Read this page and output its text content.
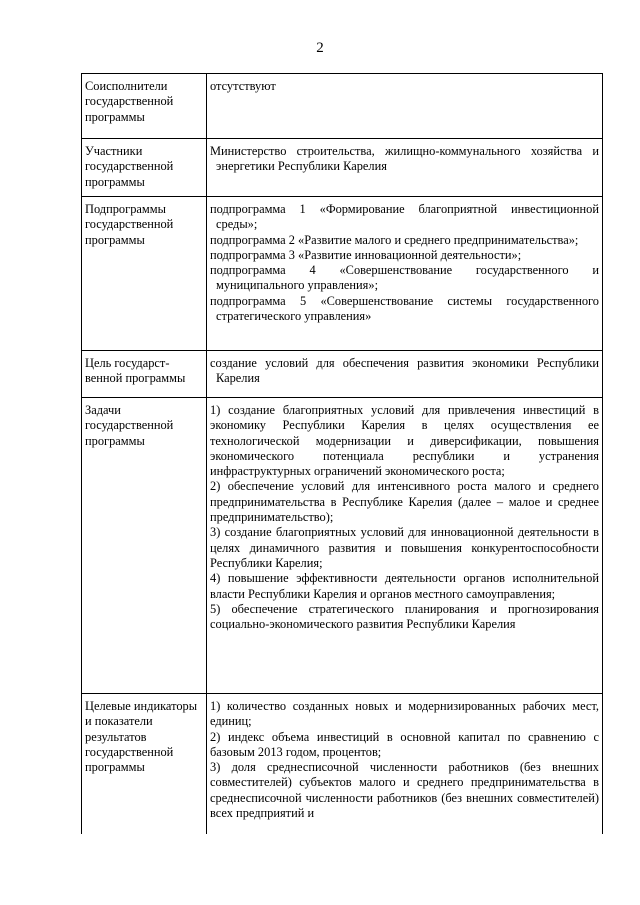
2
Соисполнители государственной программы	отсутствуют
Участники государственной программы	Министерство строительства, жилищно-коммунального хозяйства и энергетики Республики Карелия

Подпрограммы государственной программы	подпрограмма 1 «Формирование благоприятной инвестиционной среды»;
подпрограмма 2 «Развитие малого и среднего предпринимательства»;
подпрограмма 3 «Развитие инновационной деятельности»;
подпрограмма 4 «Совершенствование государственного и муниципального управления»;
подпрограмма 5 «Совершенствование системы государственного стратегического управления»

Цель государст-венной программы	создание условий для обеспечения развития экономики Республики Карелия

Задачи государственной программы	1) создание благоприятных условий для привлечения инвестиций в экономику Республики Карелия в целях осуществления ее технологической модернизации и диверсификации, повышения экономического потенциала республики и устранения инфраструктурных ограничений экономического роста;
2) обеспечение условий для интенсивного роста малого и среднего предпринимательства в Республике Карелия (далее – малое и среднее предпринимательство);
3) создание благоприятных условий для инновационной деятельности в целях динамичного развития и повышения конкурентоспособности Республики Карелия;
4) повышение эффективности деятельности органов исполнительной власти Республики Карелия и органов местного самоуправления;
5) обеспечение стратегического планирования и прогнозирования социально-экономического развития Республики Карелия

Целевые индикаторы и показатели результатов государственной программы	1) количество созданных новых и модернизированных рабочих мест, единиц;
2) индекс объема инвестиций в основной капитал по сравнению с базовым 2013 годом, процентов;
3) доля среднесписочной численности работников (без внешних совместителей) субъектов малого и среднего предпринимательства в среднесписочной численности работников (без внешних совместителей) всех предприятий и
